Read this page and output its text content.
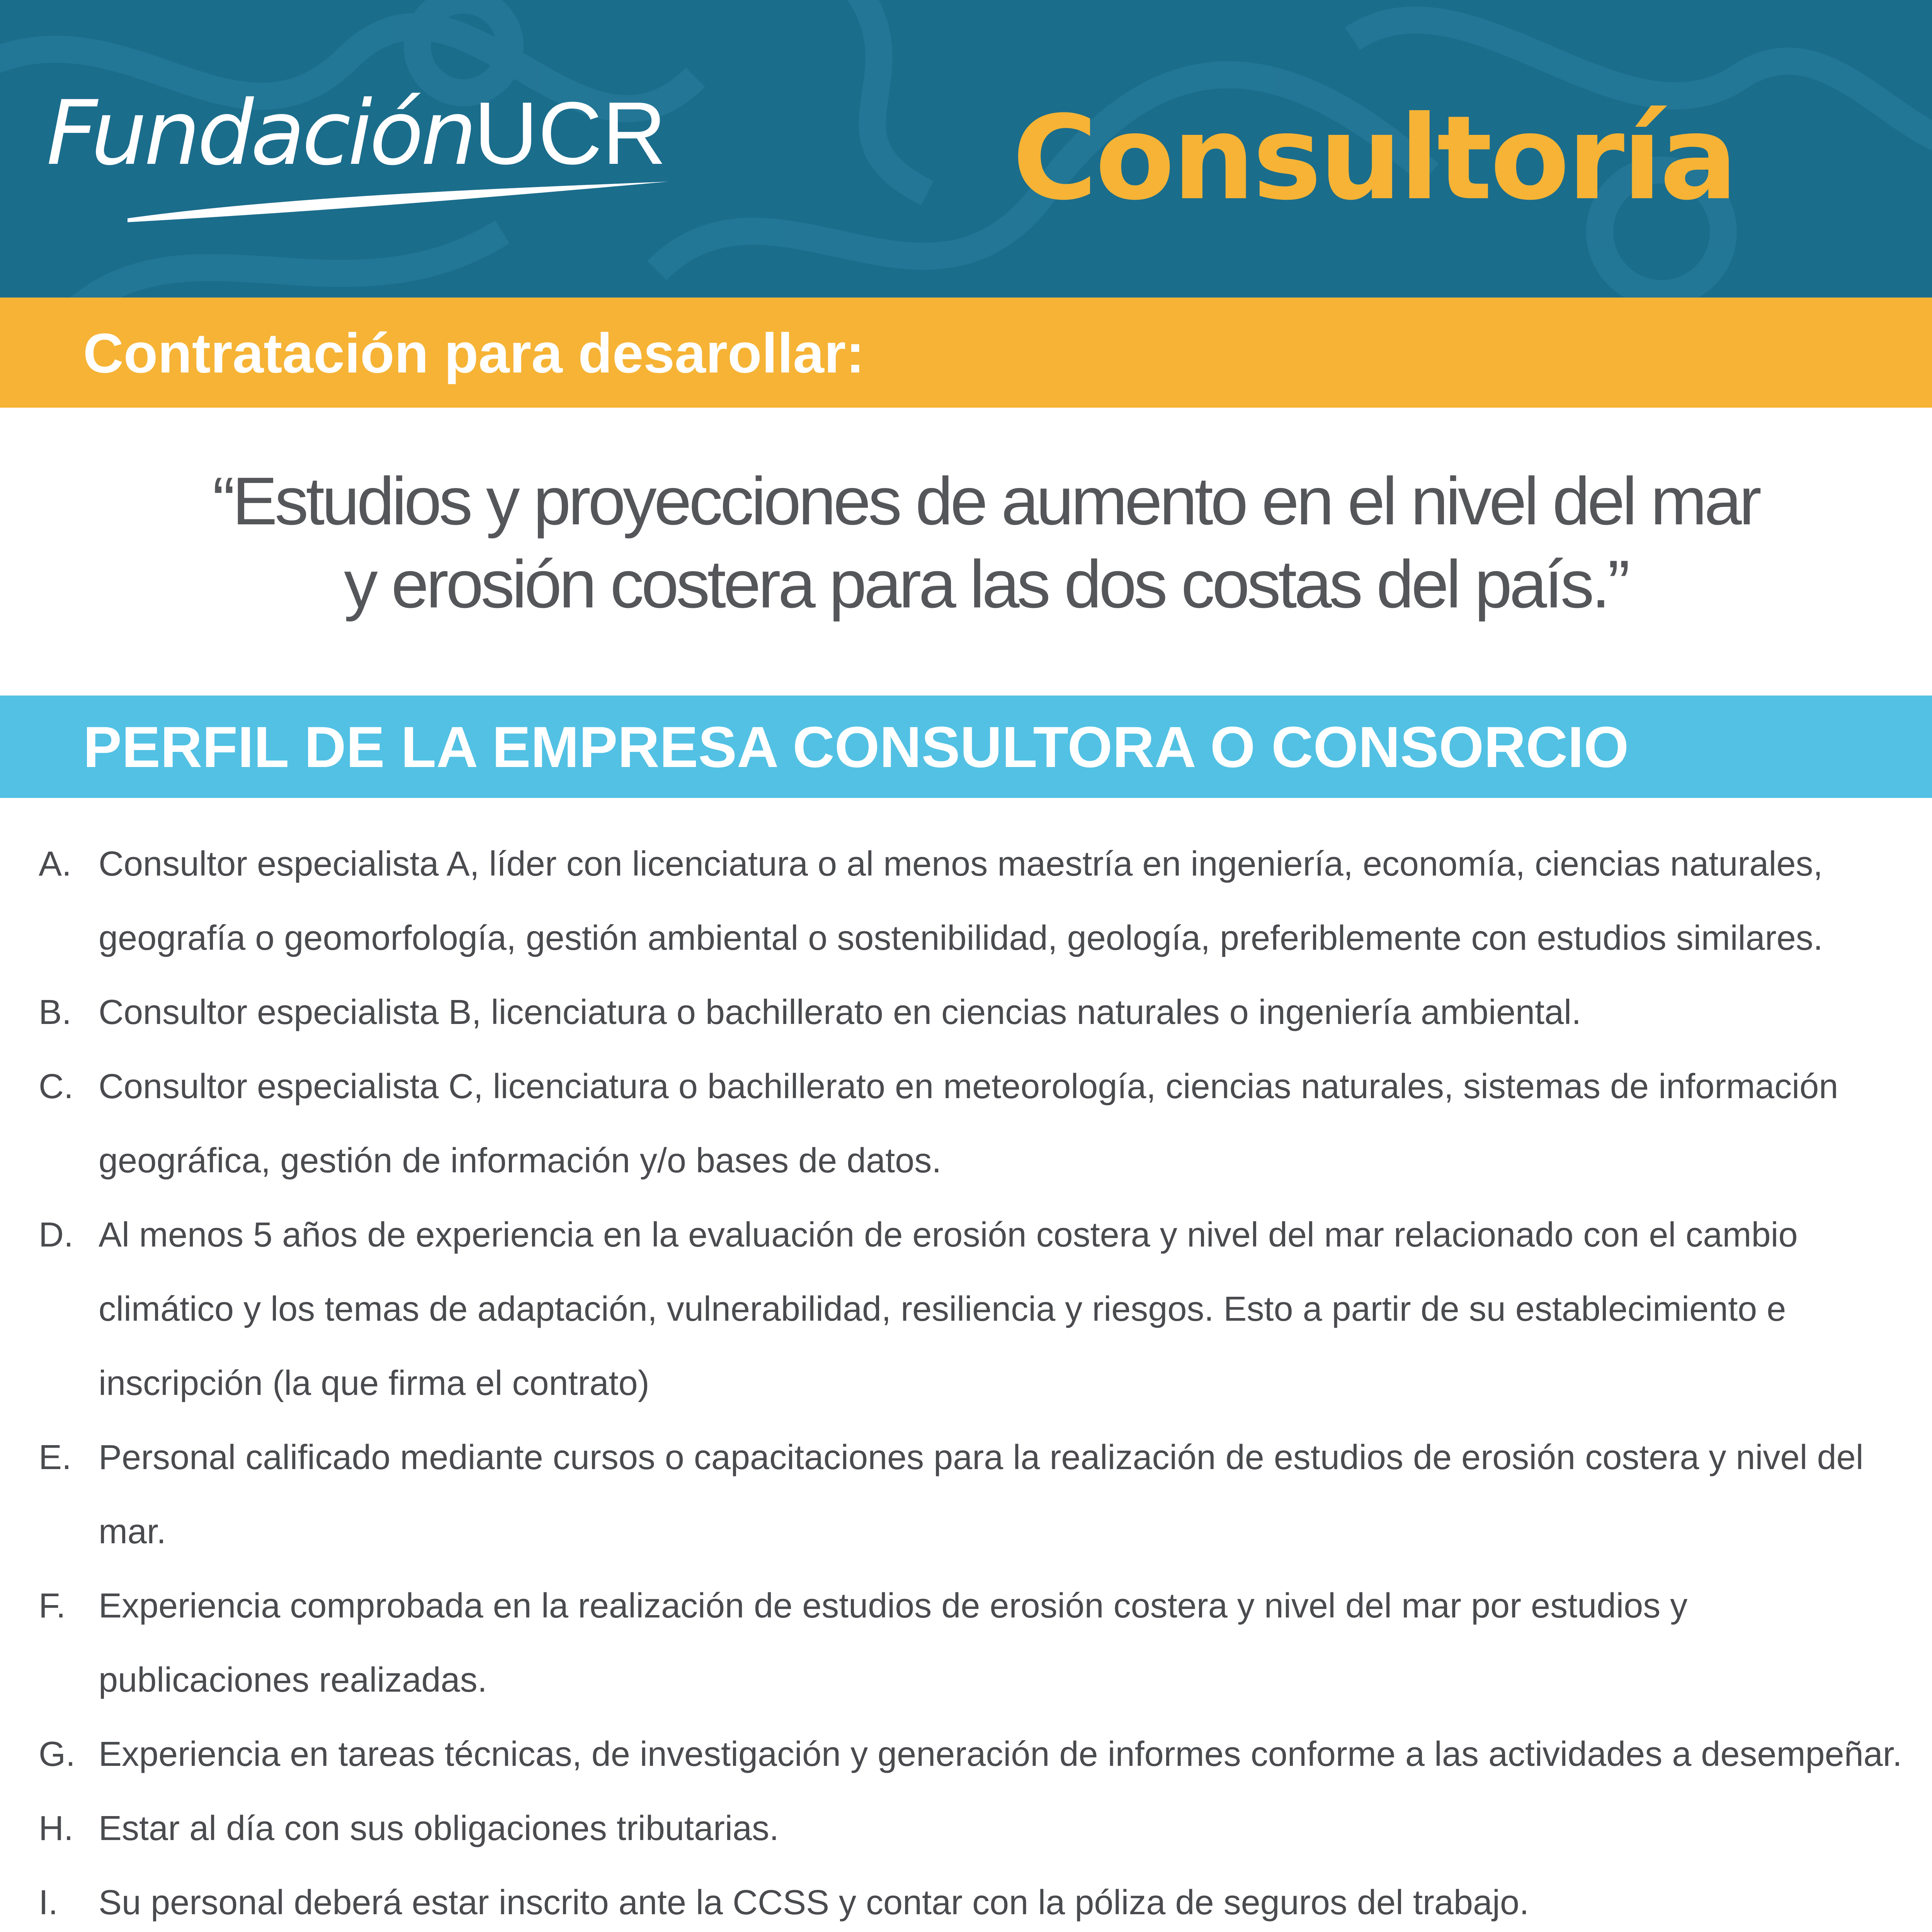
FundaciónUCR	Consultoría
Contratación para desarollar:
“Estudios y proyecciones de aumento en el nivel del mar
y erosión costera para las dos costas del país.”
PERFIL DE LA EMPRESA CONSULTORA O CONSORCIO
A. Consultor especialista A, líder con licenciatura o al menos maestría en ingeniería, economía, ciencias naturales,
geografía o geomorfología, gestión ambiental o sostenibilidad, geología, preferiblemente con estudios similares.
B. Consultor especialista B, licenciatura o bachillerato en ciencias naturales o ingeniería ambiental.
C. Consultor especialista C, licenciatura o bachillerato en meteorología, ciencias naturales, sistemas de información
geográfica, gestión de información y/o bases de datos.
D. Al menos 5 años de experiencia en la evaluación de erosión costera y nivel del mar relacionado con el cambio
climático y los temas de adaptación, vulnerabilidad, resiliencia y riesgos. Esto a partir de su establecimiento e
inscripción (la que firma el contrato)
E. Personal calificado mediante cursos o capacitaciones para la realización de estudios de erosión costera y nivel del
mar.
F. Experiencia comprobada en la realización de estudios de erosión costera y nivel del mar por estudios y
publicaciones realizadas.
G. Experiencia en tareas técnicas, de investigación y generación de informes conforme a las actividades a desempeñar.
H. Estar al día con sus obligaciones tributarias.
I. Su personal deberá estar inscrito ante la CCSS y contar con la póliza de seguros del trabajo.
